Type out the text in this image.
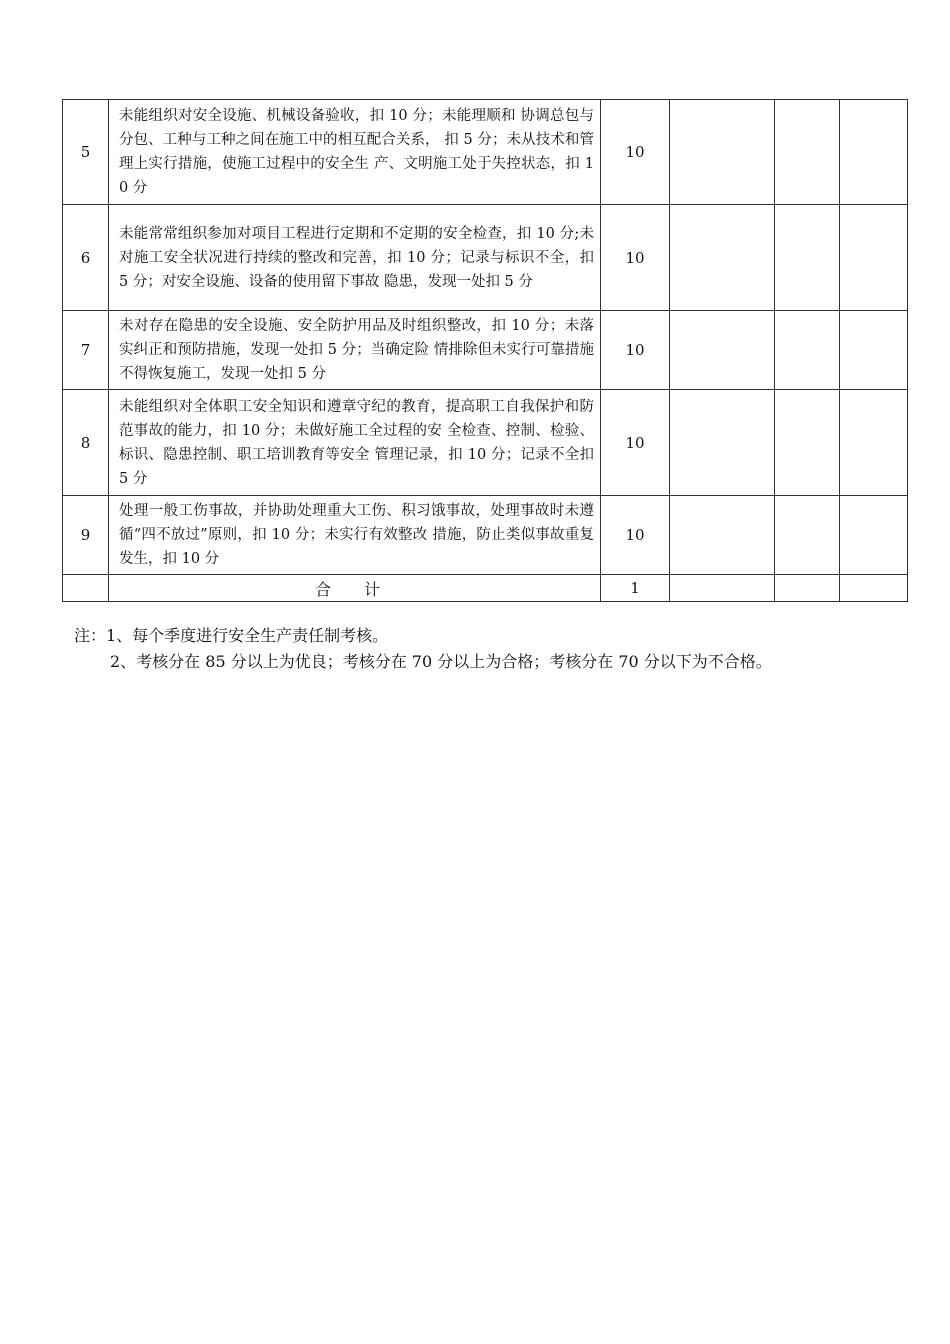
5	未能组织对安全设施、机械设备验收，扣 10 分；未能理顺和 协调总包与分包、工种与工种之间在施工中的相互配合关系， 扣 5 分；未从技术和管理上实行措施，使施工过程中的安全生 产、文明施工处于失控状态，扣 10 分	10			
6	未能常常组织参加对项目工程进行定期和不定期的安全检查，扣 10 分;未对施工安全状况进行持续的整改和完善，扣 10 分；记录与标识不全，扣 5 分；对安全设施、设备的使用留下事故 隐患，发现一处扣 5 分	10			
7	未对存在隐患的安全设施、安全防护用品及时组织整改，扣 10 分；未落实纠正和预防措施，发现一处扣 5 分；当确定险 情排除但未实行可靠措施不得恢复施工，发现一处扣 5 分	10			
8	未能组织对全体职工安全知识和遵章守纪的教育，提高职工自我保护和防范事故的能力，扣 10 分；未做好施工全过程的安 全检查、控制、检验、标识、隐患控制、职工培训教育等安全 管理记录，扣 10 分；记录不全扣 5 分	10			
9	处理一般工伤事故，并协助处理重大工伤、积习饿事故，处理事故时未遵循“四不放过”原则，扣 10 分；未实行有效整改 措施，防止类似事故重复发生，扣 10 分	10			
	合 计	1			
注：1、每个季度进行安全生产责任制考核。
2、考核分在 85 分以上为优良；考核分在 70 分以上为合格；考核分在 70 分以下为不合格。
